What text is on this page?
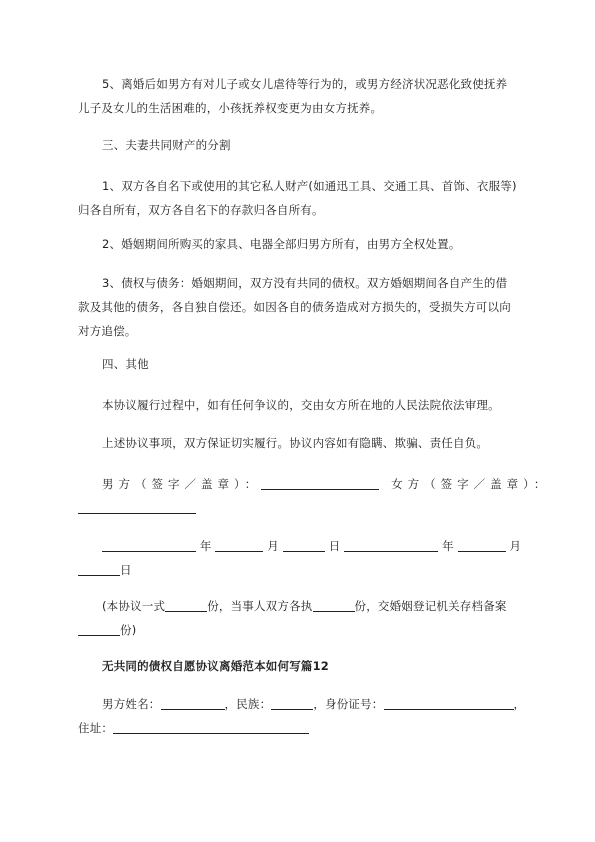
5、离婚后如男方有对儿子或女儿虐待等行为的，或男方经济状况恶化致使抚养
儿子及女儿的生活困难的，小孩抚养权变更为由女方抚养。

三、夫妻共同财产的分割

1、双方各自名下或使用的其它私人财产(如通迅工具、交通工具、首饰、衣服等)
归各自所有，双方各自名下的存款归各自所有。

2、婚姻期间所购买的家具、电器全部归男方所有，由男方全权处置。

3、债权与债务：婚姻期间，双方没有共同的债权。双方婚姻期间各自产生的借
款及其他的债务，各自独自偿还。如因各自的债务造成对方损失的，受损失方可以向
对方追偿。

四、其他

本协议履行过程中，如有任何争议的，交由女方所在地的人民法院依法审理。

上述协议事项，双方保证切实履行。协议内容如有隐瞒、欺骗、责任自负。

男方（签字／盖章）：	女方（签字／盖章）：
年	月	日	年	月
日
(本协议一式	份，当事人双方各执	份，交婚姻登记机关存档备案
份)

无共同的债权自愿协议离婚范本如何写篇12

男方姓名：	，民族：	，身份证号：	，
住址：
